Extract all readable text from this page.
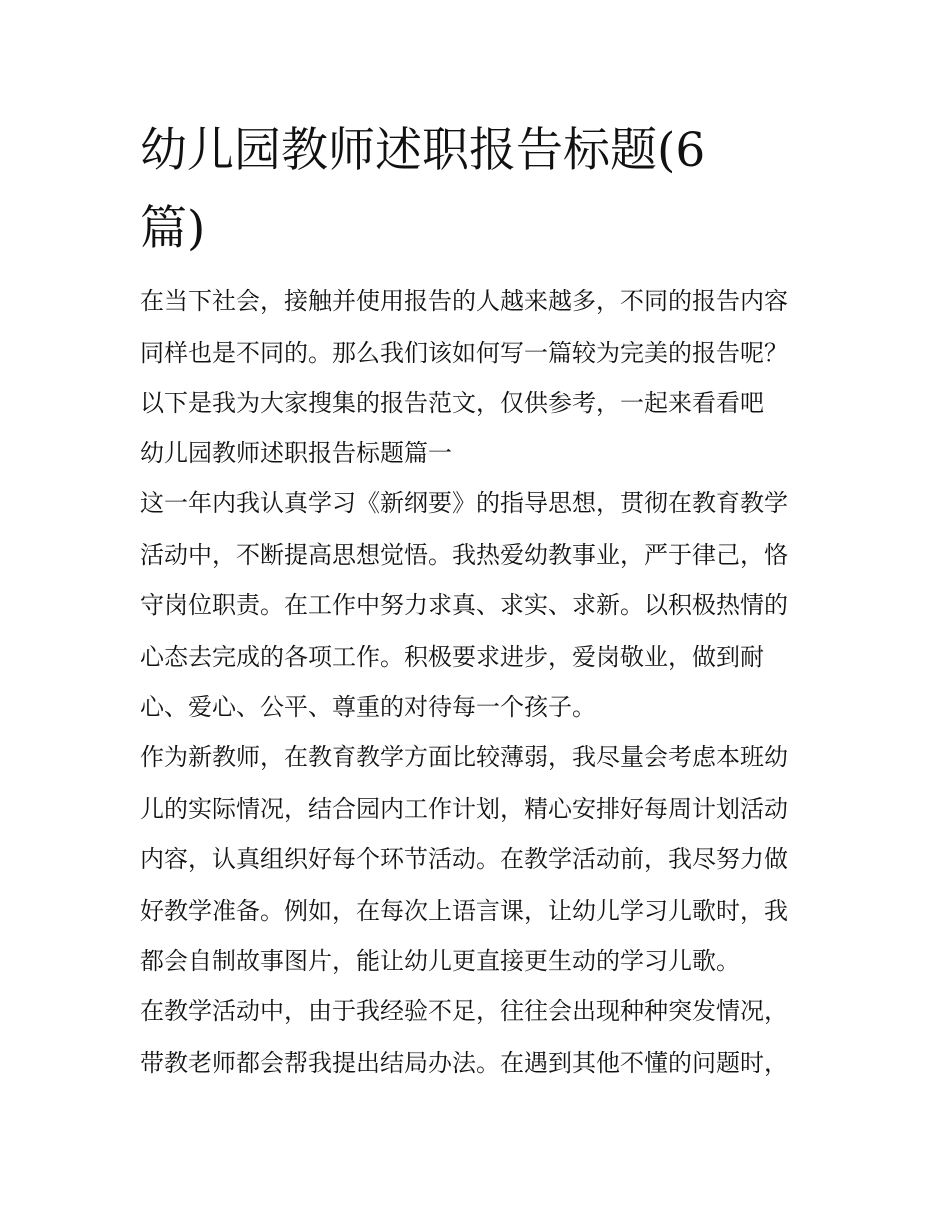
幼儿园教师述职报告标题(6
篇)

在当下社会，接触并使用报告的人越来越多，不同的报告内容

同样也是不同的。那么我们该如何写一篇较为完美的报告呢？

以下是我为大家搜集的报告范文，仅供参考，一起来看看吧

幼儿园教师述职报告标题篇一

这一年内我认真学习《新纲要》的指导思想，贯彻在教育教学

活动中，不断提高思想觉悟。我热爱幼教事业，严于律己，恪

守岗位职责。在工作中努力求真、求实、求新。以积极热情的

心态去完成的各项工作。积极要求进步，爱岗敬业，做到耐

心、爱心、公平、尊重的对待每一个孩子。

作为新教师，在教育教学方面比较薄弱，我尽量会考虑本班幼

儿的实际情况，结合园内工作计划，精心安排好每周计划活动

内容，认真组织好每个环节活动。在教学活动前，我尽努力做

好教学准备。例如，在每次上语言课，让幼儿学习儿歌时，我

都会自制故事图片，能让幼儿更直接更生动的学习儿歌。

在教学活动中，由于我经验不足，往往会出现种种突发情况，

带教老师都会帮我提出结局办法。在遇到其他不懂的问题时，
